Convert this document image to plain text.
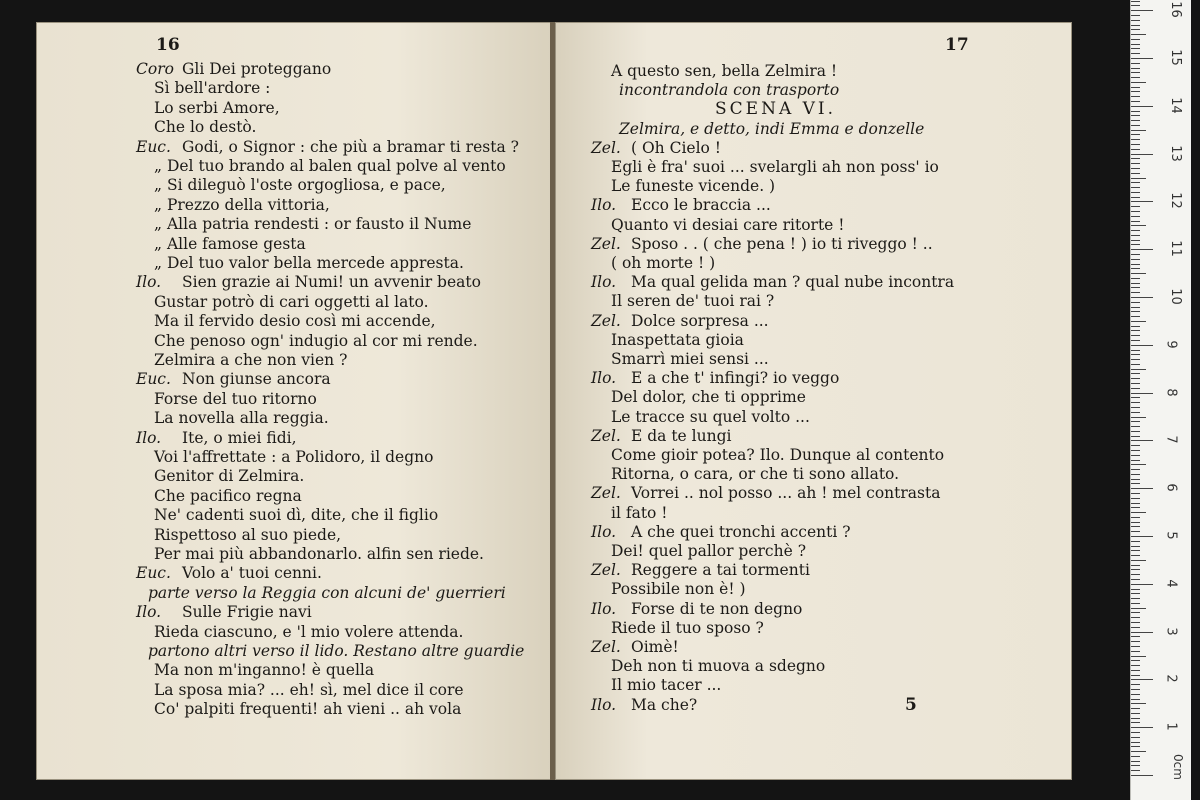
16
Coro Gli Dei proteggano
Sì bell'ardore :
Lo serbi Amore,
Che lo destò.
Euc. Godi, o Signor : che più a bramar ti resta ?
„ Del tuo brando al balen qual polve al vento
„ Si dileguò l'oste orgogliosa, e pace,
„ Prezzo della vittoria,
„ Alla patria rendesti : or fausto il Nume
„ Alle famose gesta
„ Del tuo valor bella mercede appresta.
Ilo. Sien grazie ai Numi! un avvenir beato
Gustar potrò di cari oggetti al lato.
Ma il fervido desio così mi accende,
Che penoso ogn' indugio al cor mi rende.
Zelmira a che non vien ?
Euc. Non giunse ancora
Forse del tuo ritorno
La novella alla reggia.
Ilo. Ite, o miei fidi,
Voi l'affrettate : a Polidoro, il degno
Genitor di Zelmira.
Che pacifico regna
Ne' cadenti suoi dì, dite, che il figlio
Rispettoso al suo piede,
Per mai più abbandonarlo. alfin sen riede.
Euc. Volo a' tuoi cenni.
parte verso la Reggia con alcuni de' guerrieri
Ilo. Sulle Frigie navi
Rieda ciascuno, e 'l mio volere attenda.
partono altri verso il lido. Restano altre guardie
Ma non m'inganno! è quella
La sposa mia? ... eh! sì, mel dice il core
Co' palpiti frequenti! ah vieni .. ah vola
17
A questo sen, bella Zelmira !
incontrandola con trasporto
SCENA VI.
Zelmira, e detto, indi Emma e donzelle
Zel. ( Oh Cielo !
Egli è fra' suoi ... svelargli ah non poss' io
Le funeste vicende. )
Ilo. Ecco le braccia ...
Quanto vi desiai care ritorte !
Zel. Sposo . . ( che pena ! ) io ti riveggo ! ..
( oh morte ! )
Ilo. Ma qual gelida man ? qual nube incontra
Il seren de' tuoi rai ?
Zel. Dolce sorpresa ...
Inaspettata gioia
Smarrì miei sensi ...
Ilo. E a che t' infingi? io veggo
Del dolor, che ti opprime
Le tracce su quel volto ...
Zel. E da te lungi
Come gioir potea? Ilo. Dunque al contento
Ritorna, o cara, or che ti sono allato.
Zel. Vorrei .. nol posso ... ah ! mel contrasta
il fato !
Ilo. A che quei tronchi accenti ?
Dei! quel pallor perchè ?
Zel. Reggere a tai tormenti
Possibile non è! )
Ilo. Forse di te non degno
Riede il tuo sposo ?
Zel. Oimè!
Deh non ti muova a sdegno
Il mio tacer ...
Ilo. Ma che?	5
0cm
1
2
3
4
5
6
7
8
9
10
11
12
13
14
15
16
